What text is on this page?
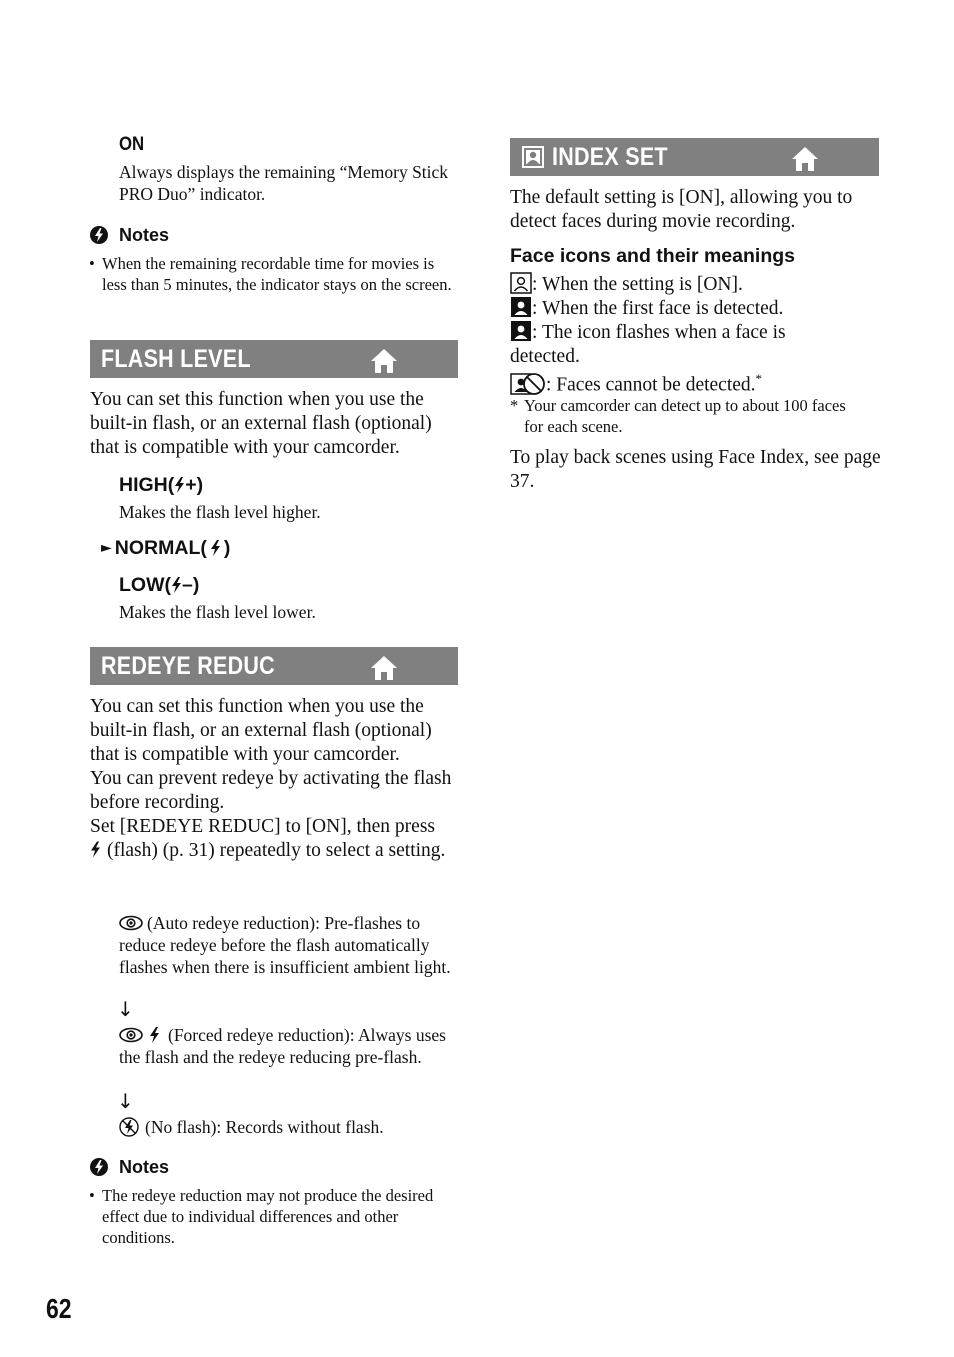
ON
Always displays the remaining “Memory Stick PRO Duo” indicator.
Notes
• When the remaining recordable time for movies is less than 5 minutes, the indicator stays on the screen.
FLASH LEVEL
You can set this function when you use the built-in flash, or an external flash (optional) that is compatible with your camcorder.
HIGH( +)
Makes the flash level higher.
► NORMAL( )
LOW( –)
Makes the flash level lower.
REDEYE REDUC
You can set this function when you use the built-in flash, or an external flash (optional) that is compatible with your camcorder.
You can prevent redeye by activating the flash before recording.
Set [REDEYE REDUC] to [ON], then press
(flash) (p. 31) repeatedly to select a setting.
(Auto redeye reduction): Pre-flashes to reduce redeye before the flash automatically flashes when there is insufficient ambient light.
↓
(Forced redeye reduction): Always uses the flash and the redeye reducing pre-flash.
↓
(No flash): Records without flash.
Notes
• The redeye reduction may not produce the desired effect due to individual differences and other conditions.
62
INDEX SET
The default setting is [ON], allowing you to detect faces during movie recording.
Face icons and their meanings
: When the setting is [ON].
: When the first face is detected.
: The icon flashes when a face is detected.
: Faces cannot be detected.*
* Your camcorder can detect up to about 100 faces for each scene.
To play back scenes using Face Index, see page 37.
